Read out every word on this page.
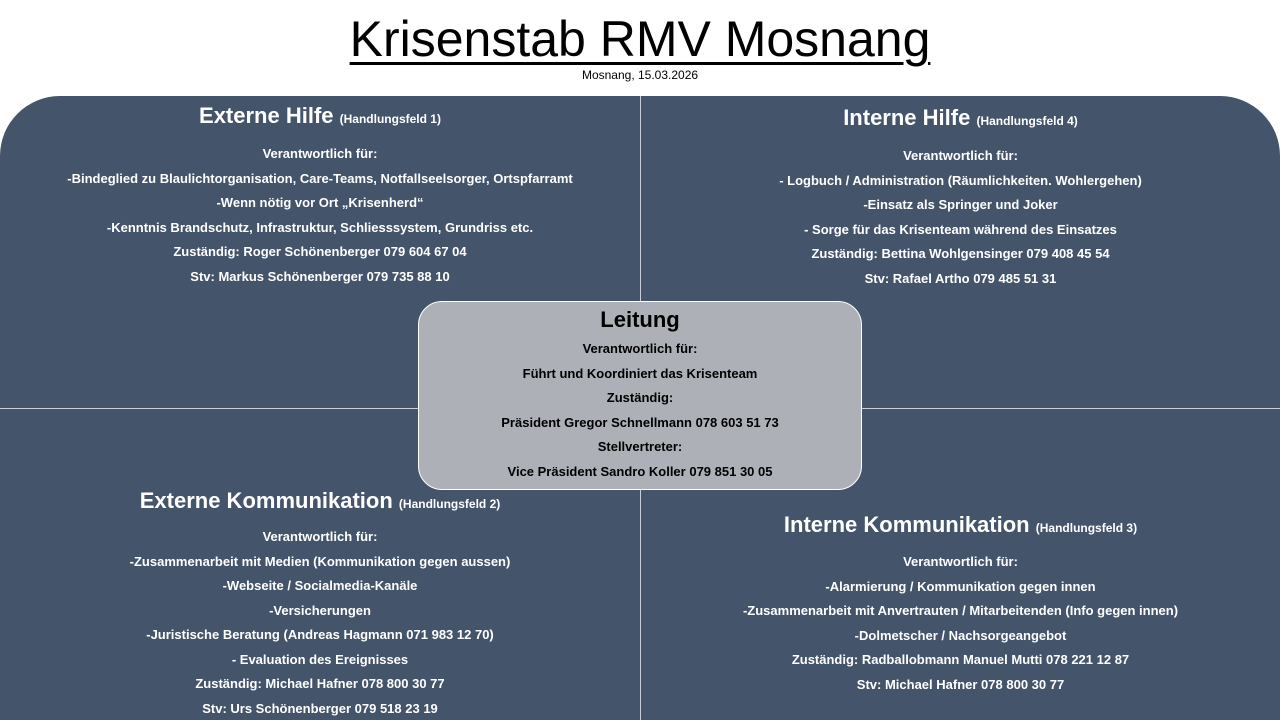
Krisenstab RMV Mosnang
Mosnang, 15.03.2026
Externe Hilfe (Handlungsfeld 1)
Verantwortlich für:
-Bindeglied zu Blaulichtorganisation, Care-Teams, Notfallseelsorger, Ortspfarramt
-Wenn nötig vor Ort „Krisenherd“
-Kenntnis Brandschutz, Infrastruktur, Schliesssystem, Grundriss etc.
Zuständig: Roger Schönenberger 079 604 67 04
Stv: Markus Schönenberger 079 735 88 10
Interne Hilfe (Handlungsfeld 4)
Verantwortlich für:
- Logbuch / Administration (Räumlichkeiten. Wohlergehen)
-Einsatz als Springer und Joker
- Sorge für das Krisenteam während des Einsatzes
Zuständig: Bettina Wohlgensinger 079 408 45 54
Stv: Rafael Artho 079 485 51 31
Externe Kommunikation (Handlungsfeld 2)
Verantwortlich für:
-Zusammenarbeit mit Medien (Kommunikation gegen aussen)
-Webseite / Socialmedia-Kanäle
-Versicherungen
-Juristische Beratung (Andreas Hagmann 071 983 12 70)
- Evaluation des Ereignisses
Zuständig: Michael Hafner 078 800 30 77
Stv: Urs Schönenberger 079 518 23 19
Interne Kommunikation (Handlungsfeld 3)
Verantwortlich für:
-Alarmierung / Kommunikation gegen innen
-Zusammenarbeit mit Anvertrauten / Mitarbeitenden (Info gegen innen)
-Dolmetscher / Nachsorgeangebot
Zuständig: Radballobmann Manuel Mutti 078 221 12 87
Stv: Michael Hafner 078 800 30 77
Leitung
Verantwortlich für:
Führt und Koordiniert das Krisenteam
Zuständig:
Präsident Gregor Schnellmann 078 603 51 73
Stellvertreter:
Vice Präsident Sandro Koller 079 851 30 05
